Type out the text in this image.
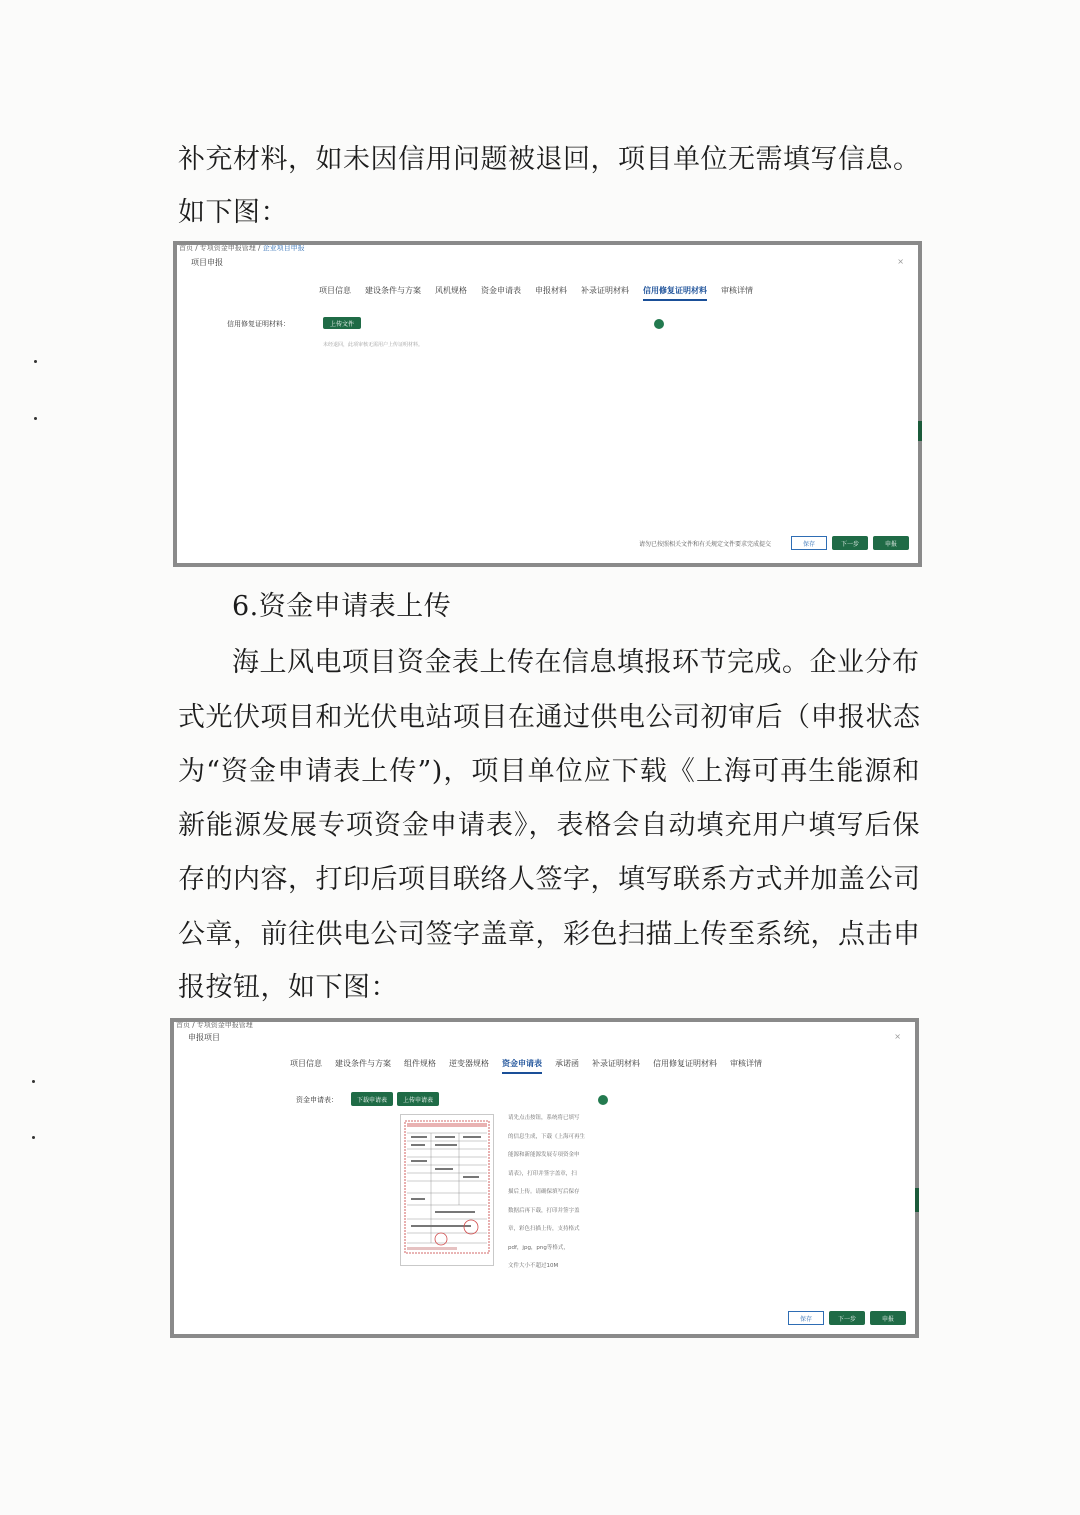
补充材料，如未因信用问题被退回，项目单位无需填写信息。
如下图：
首页 / 专项资金申报管理 / 企业项目申报
项目申报	×
项目信息 建设条件与方案 风机规格 资金申请表 申报材料 补录证明材料 信用修复证明材料 审核详情
信用修复证明材料：	上传文件
未经退回，此项审核无需用户上传证明材料。
请勿已按照相关文件和有关规定文件要求完成提交	保存	下一步	申报
6.资金申请表上传
海上风电项目资金表上传在信息填报环节完成。企业分布
式光伏项目和光伏电站项目在通过供电公司初审后（申报状态
为“资金申请表上传”)，项目单位应下载《上海可再生能源和
新能源发展专项资金申请表》，表格会自动填充用户填写后保
存的内容，打印后项目联络人签字，填写联系方式并加盖公司
公章，前往供电公司签字盖章，彩色扫描上传至系统，点击申
报按钮，如下图：
首页 / 专项资金申报管理
申报项目	×
项目信息 建设条件与方案 组件规格 逆变器规格 资金申请表 承诺函 补录证明材料 信用修复证明材料 审核详情
资金申请表：	下载申请表	上传申请表
请先点击按钮，系统将已填写
的信息生成，下载《上海可再生
能源和新能源发展专项资金申
请表》，打印并签字盖章，扫
描后上传。请确保填写后保存
数据后再下载，打印并签字盖
章，彩色扫描上传，支持格式
pdf，jpg，png等格式，
文件大小不超过10M
保存	下一步	申报
